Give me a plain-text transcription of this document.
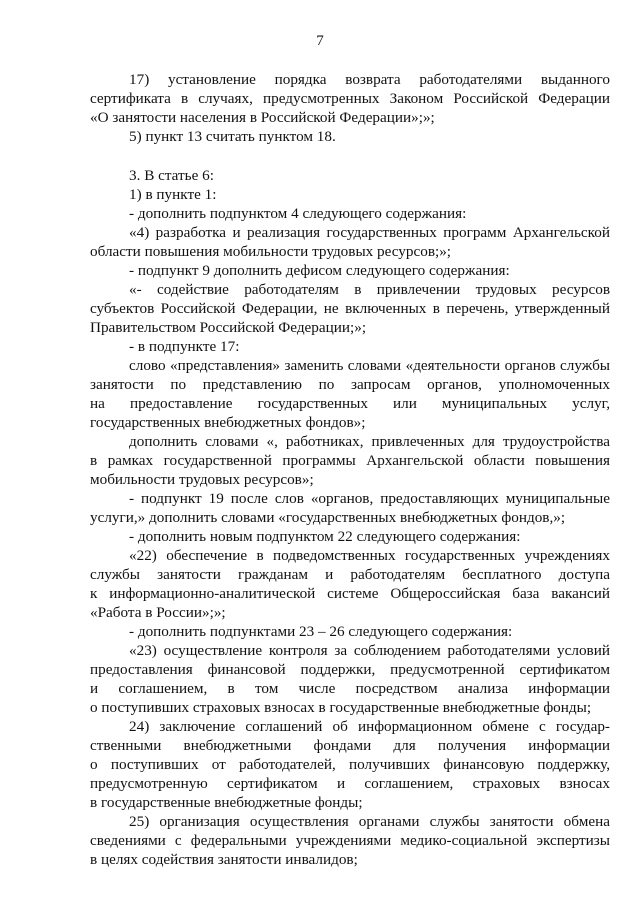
7
17) установление порядка возврата работодателями выданного
сертификата в случаях, предусмотренных Законом Российской Федерации
«О занятости населения в Российской Федерации»;»;
5) пункт 13 считать пунктом 18.
3. В статье 6:
1) в пункте 1:
- дополнить подпунктом 4 следующего содержания:
«4) разработка и реализация государственных программ Архангельской
области повышения мобильности трудовых ресурсов;»;
- подпункт 9 дополнить дефисом следующего содержания:
«- содействие работодателям в привлечении трудовых ресурсов
субъектов Российской Федерации, не включенных в перечень, утвержденный
Правительством Российской Федерации;»;
- в подпункте 17:
слово «представления» заменить словами «деятельности органов службы
занятости по представлению по запросам органов, уполномоченных
на предоставление государственных или муниципальных услуг,
государственных внебюджетных фондов»;
дополнить словами «, работниках, привлеченных для трудоустройства
в рамках государственной программы Архангельской области повышения
мобильности трудовых ресурсов»;
- подпункт 19 после слов «органов, предоставляющих муниципальные
услуги,» дополнить словами «государственных внебюджетных фондов,»;
- дополнить новым подпунктом 22 следующего содержания:
«22) обеспечение в подведомственных государственных учреждениях
службы занятости гражданам и работодателям бесплатного доступа
к информационно-аналитической системе Общероссийская база вакансий
«Работа в России»;»;
- дополнить подпунктами 23 – 26 следующего содержания:
«23) осуществление контроля за соблюдением работодателями условий
предоставления финансовой поддержки, предусмотренной сертификатом
и соглашением, в том числе посредством анализа информации
о поступивших страховых взносах в государственные внебюджетные фонды;
24) заключение соглашений об информационном обмене с государ-
ственными внебюджетными фондами для получения информации
о поступивших от работодателей, получивших финансовую поддержку,
предусмотренную сертификатом и соглашением, страховых взносах
в государственные внебюджетные фонды;
25) организация осуществления органами службы занятости обмена
сведениями с федеральными учреждениями медико-социальной экспертизы
в целях содействия занятости инвалидов;
